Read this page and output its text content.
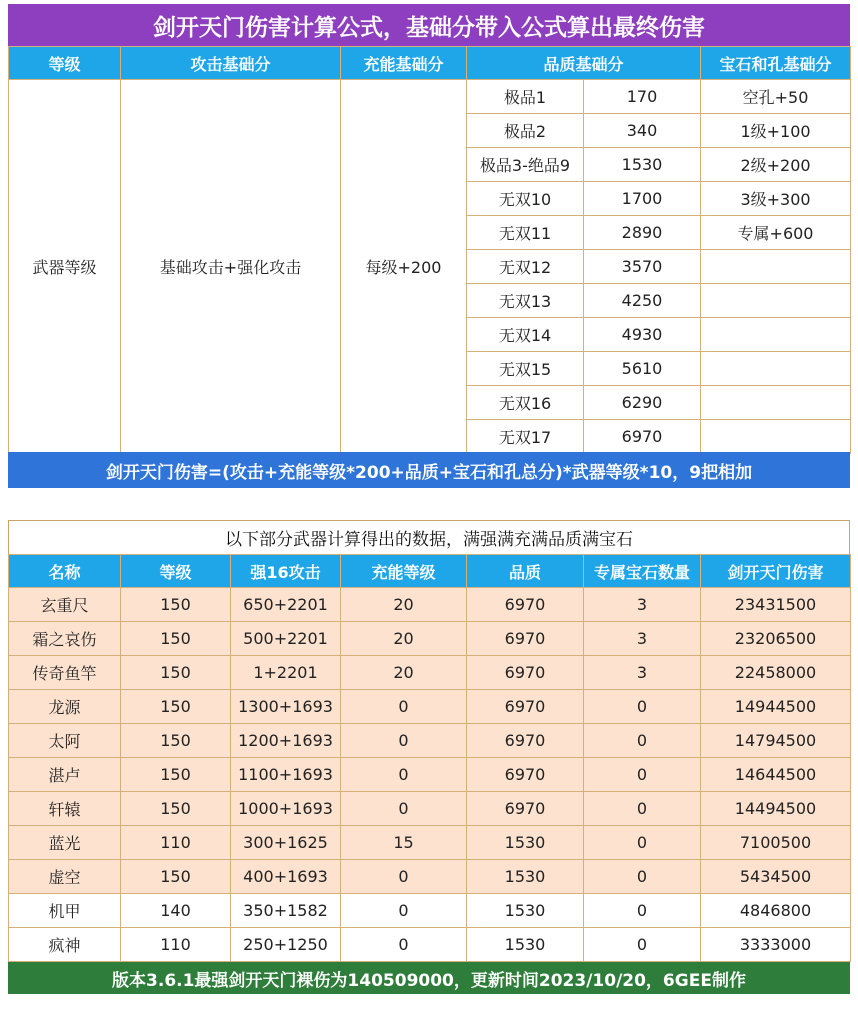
剑开天门伤害计算公式，基础分带入公式算出最终伤害
等级	攻击基础分	充能基础分	品质基础分		宝石和孔基础分
武器等级	基础攻击+强化攻击	每级+200	极品1	170	空孔+50
			极品2	340	1级+100
			极品3-绝品9	1530	2级+200
			无双10	1700	3级+300
			无双11	2890	专属+600
			无双12	3570	
			无双13	4250	
			无双14	4930	
			无双15	5610	
			无双16	6290	
			无双17	6970	
剑开天门伤害=(攻击+充能等级*200+品质+宝石和孔总分)*武器等级*10，9把相加
以下部分武器计算得出的数据，满强满充满品质满宝石
名称	等级	强16攻击	充能等级	品质	专属宝石数量	剑开天门伤害
玄重尺	150	650+2201	20	6970	3	23431500
霜之哀伤	150	500+2201	20	6970	3	23206500
传奇鱼竿	150	1+2201	20	6970	3	22458000
龙源	150	1300+1693	0	6970	0	14944500
太阿	150	1200+1693	0	6970	0	14794500
湛卢	150	1100+1693	0	6970	0	14644500
轩辕	150	1000+1693	0	6970	0	14494500
蓝光	110	300+1625	15	1530	0	7100500
虚空	150	400+1693	0	1530	0	5434500
机甲	140	350+1582	0	1530	0	4846800
疯神	110	250+1250	0	1530	0	3333000
版本3.6.1最强剑开天门裸伤为140509000，更新时间2023/10/20，6GEE制作
